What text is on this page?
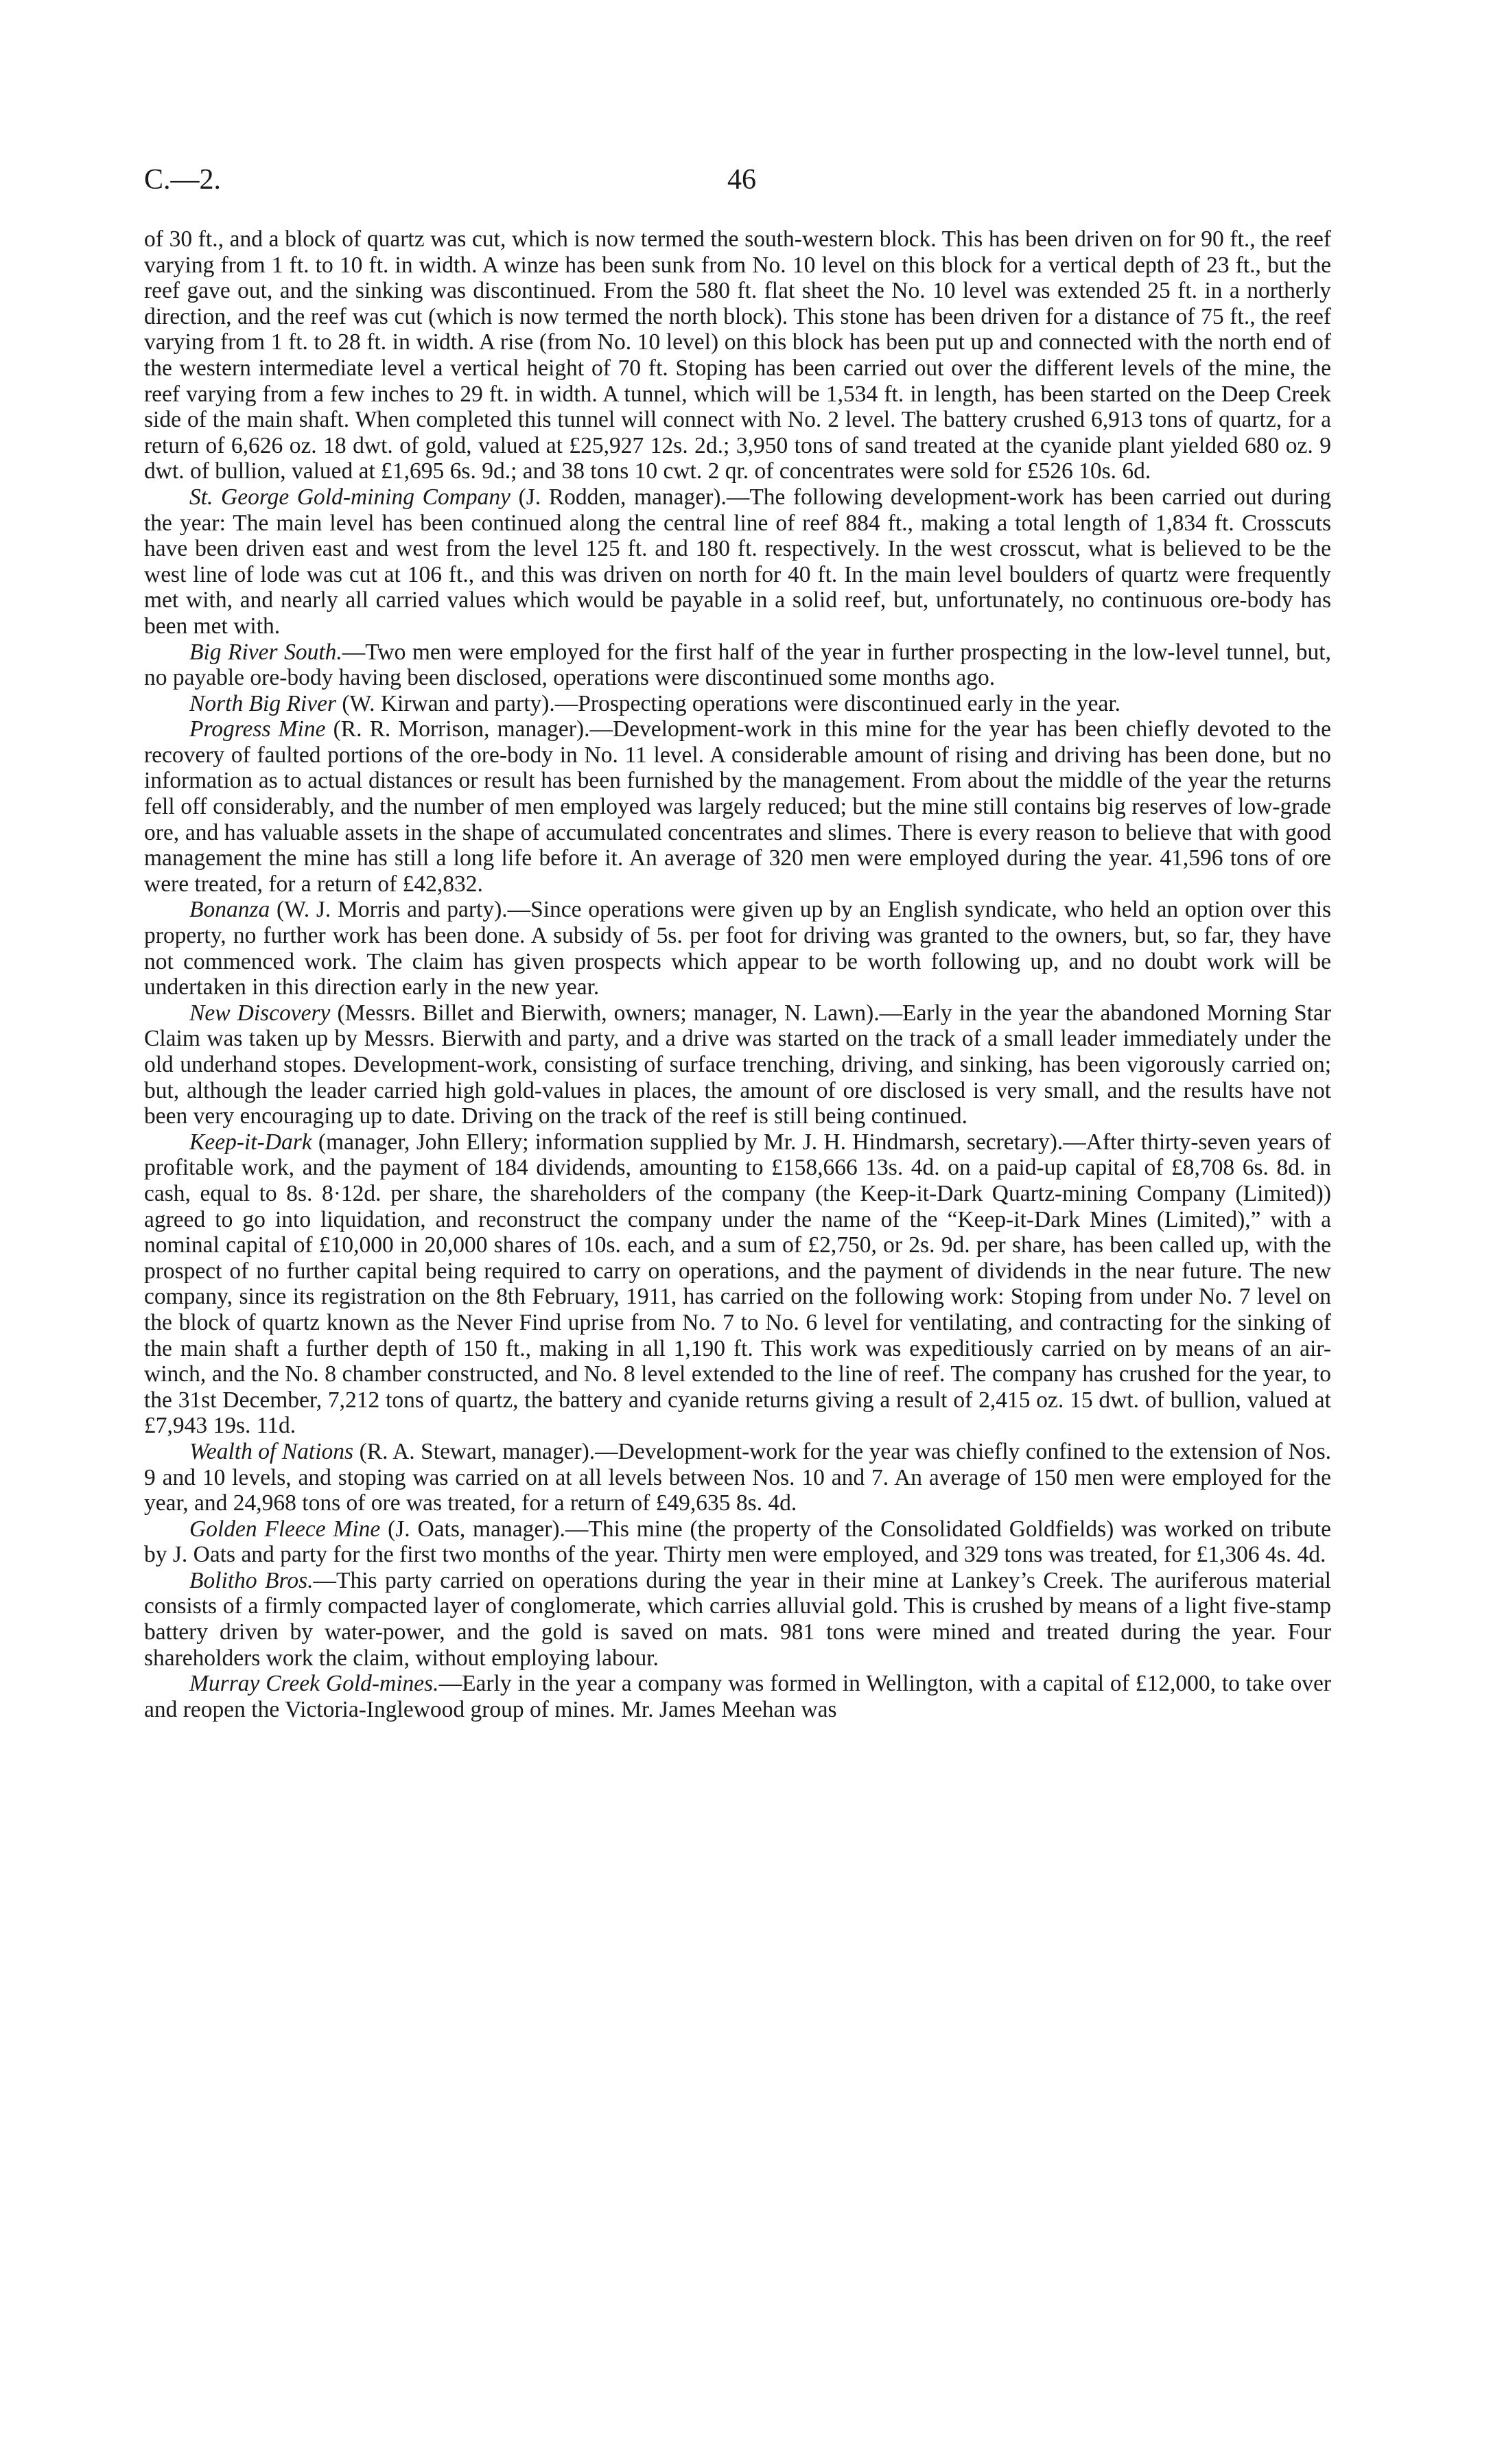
C.—2.	46

of 30 ft., and a block of quartz was cut, which is now termed the south-western block. This has been driven on for 90 ft., the reef varying from 1 ft. to 10 ft. in width. A winze has been sunk from No. 10 level on this block for a vertical depth of 23 ft., but the reef gave out, and the sinking was discontinued. From the 580 ft. flat sheet the No. 10 level was extended 25 ft. in a northerly direction, and the reef was cut (which is now termed the north block). This stone has been driven for a distance of 75 ft., the reef varying from 1 ft. to 28 ft. in width. A rise (from No. 10 level) on this block has been put up and connected with the north end of the western intermediate level a vertical height of 70 ft. Stoping has been carried out over the different levels of the mine, the reef varying from a few inches to 29 ft. in width. A tunnel, which will be 1,534 ft. in length, has been started on the Deep Creek side of the main shaft. When completed this tunnel will connect with No. 2 level. The battery crushed 6,913 tons of quartz, for a return of 6,626 oz. 18 dwt. of gold, valued at £25,927 12s. 2d.; 3,950 tons of sand treated at the cyanide plant yielded 680 oz. 9 dwt. of bullion, valued at £1,695 6s. 9d.; and 38 tons 10 cwt. 2 qr. of concentrates were sold for £526 10s. 6d.

St. George Gold-mining Company (J. Rodden, manager).—The following development-work has been carried out during the year: The main level has been continued along the central line of reef 884 ft., making a total length of 1,834 ft. Crosscuts have been driven east and west from the level 125 ft. and 180 ft. respectively. In the west crosscut, what is believed to be the west line of lode was cut at 106 ft., and this was driven on north for 40 ft. In the main level boulders of quartz were frequently met with, and nearly all carried values which would be payable in a solid reef, but, unfortunately, no continuous ore-body has been met with.

Big River South.—Two men were employed for the first half of the year in further prospecting in the low-level tunnel, but, no payable ore-body having been disclosed, operations were discontinued some months ago.

North Big River (W. Kirwan and party).—Prospecting operations were discontinued early in the year.

Progress Mine (R. R. Morrison, manager).—Development-work in this mine for the year has been chiefly devoted to the recovery of faulted portions of the ore-body in No. 11 level. A considerable amount of rising and driving has been done, but no information as to actual distances or result has been furnished by the management. From about the middle of the year the returns fell off considerably, and the number of men employed was largely reduced; but the mine still contains big reserves of low-grade ore, and has valuable assets in the shape of accumulated concentrates and slimes. There is every reason to believe that with good management the mine has still a long life before it. An average of 320 men were employed during the year. 41,596 tons of ore were treated, for a return of £42,832.

Bonanza (W. J. Morris and party).—Since operations were given up by an English syndicate, who held an option over this property, no further work has been done. A subsidy of 5s. per foot for driving was granted to the owners, but, so far, they have not commenced work. The claim has given prospects which appear to be worth following up, and no doubt work will be undertaken in this direction early in the new year.

New Discovery (Messrs. Billet and Bierwith, owners; manager, N. Lawn).—Early in the year the abandoned Morning Star Claim was taken up by Messrs. Bierwith and party, and a drive was started on the track of a small leader immediately under the old underhand stopes. Development-work, consisting of surface trenching, driving, and sinking, has been vigorously carried on; but, although the leader carried high gold-values in places, the amount of ore disclosed is very small, and the results have not been very encouraging up to date. Driving on the track of the reef is still being continued.

Keep-it-Dark (manager, John Ellery; information supplied by Mr. J. H. Hindmarsh, secretary).—After thirty-seven years of profitable work, and the payment of 184 dividends, amounting to £158,666 13s. 4d. on a paid-up capital of £8,708 6s. 8d. in cash, equal to 8s. 8·12d. per share, the shareholders of the company (the Keep-it-Dark Quartz-mining Company (Limited)) agreed to go into liquidation, and reconstruct the company under the name of the “Keep-it-Dark Mines (Limited),” with a nominal capital of £10,000 in 20,000 shares of 10s. each, and a sum of £2,750, or 2s. 9d. per share, has been called up, with the prospect of no further capital being required to carry on operations, and the payment of dividends in the near future. The new company, since its registration on the 8th February, 1911, has carried on the following work: Stoping from under No. 7 level on the block of quartz known as the Never Find uprise from No. 7 to No. 6 level for ventilating, and contracting for the sinking of the main shaft a further depth of 150 ft., making in all 1,190 ft. This work was expeditiously carried on by means of an air-winch, and the No. 8 chamber constructed, and No. 8 level extended to the line of reef. The company has crushed for the year, to the 31st December, 7,212 tons of quartz, the battery and cyanide returns giving a result of 2,415 oz. 15 dwt. of bullion, valued at £7,943 19s. 11d.

Wealth of Nations (R. A. Stewart, manager).—Development-work for the year was chiefly confined to the extension of Nos. 9 and 10 levels, and stoping was carried on at all levels between Nos. 10 and 7. An average of 150 men were employed for the year, and 24,968 tons of ore was treated, for a return of £49,635 8s. 4d.

Golden Fleece Mine (J. Oats, manager).—This mine (the property of the Consolidated Goldfields) was worked on tribute by J. Oats and party for the first two months of the year. Thirty men were employed, and 329 tons was treated, for £1,306 4s. 4d.

Bolitho Bros.—This party carried on operations during the year in their mine at Lankey’s Creek. The auriferous material consists of a firmly compacted layer of conglomerate, which carries alluvial gold. This is crushed by means of a light five-stamp battery driven by water-power, and the gold is saved on mats. 981 tons were mined and treated during the year. Four shareholders work the claim, without employing labour.

Murray Creek Gold-mines.—Early in the year a company was formed in Wellington, with a capital of £12,000, to take over and reopen the Victoria-Inglewood group of mines. Mr. James Meehan was
